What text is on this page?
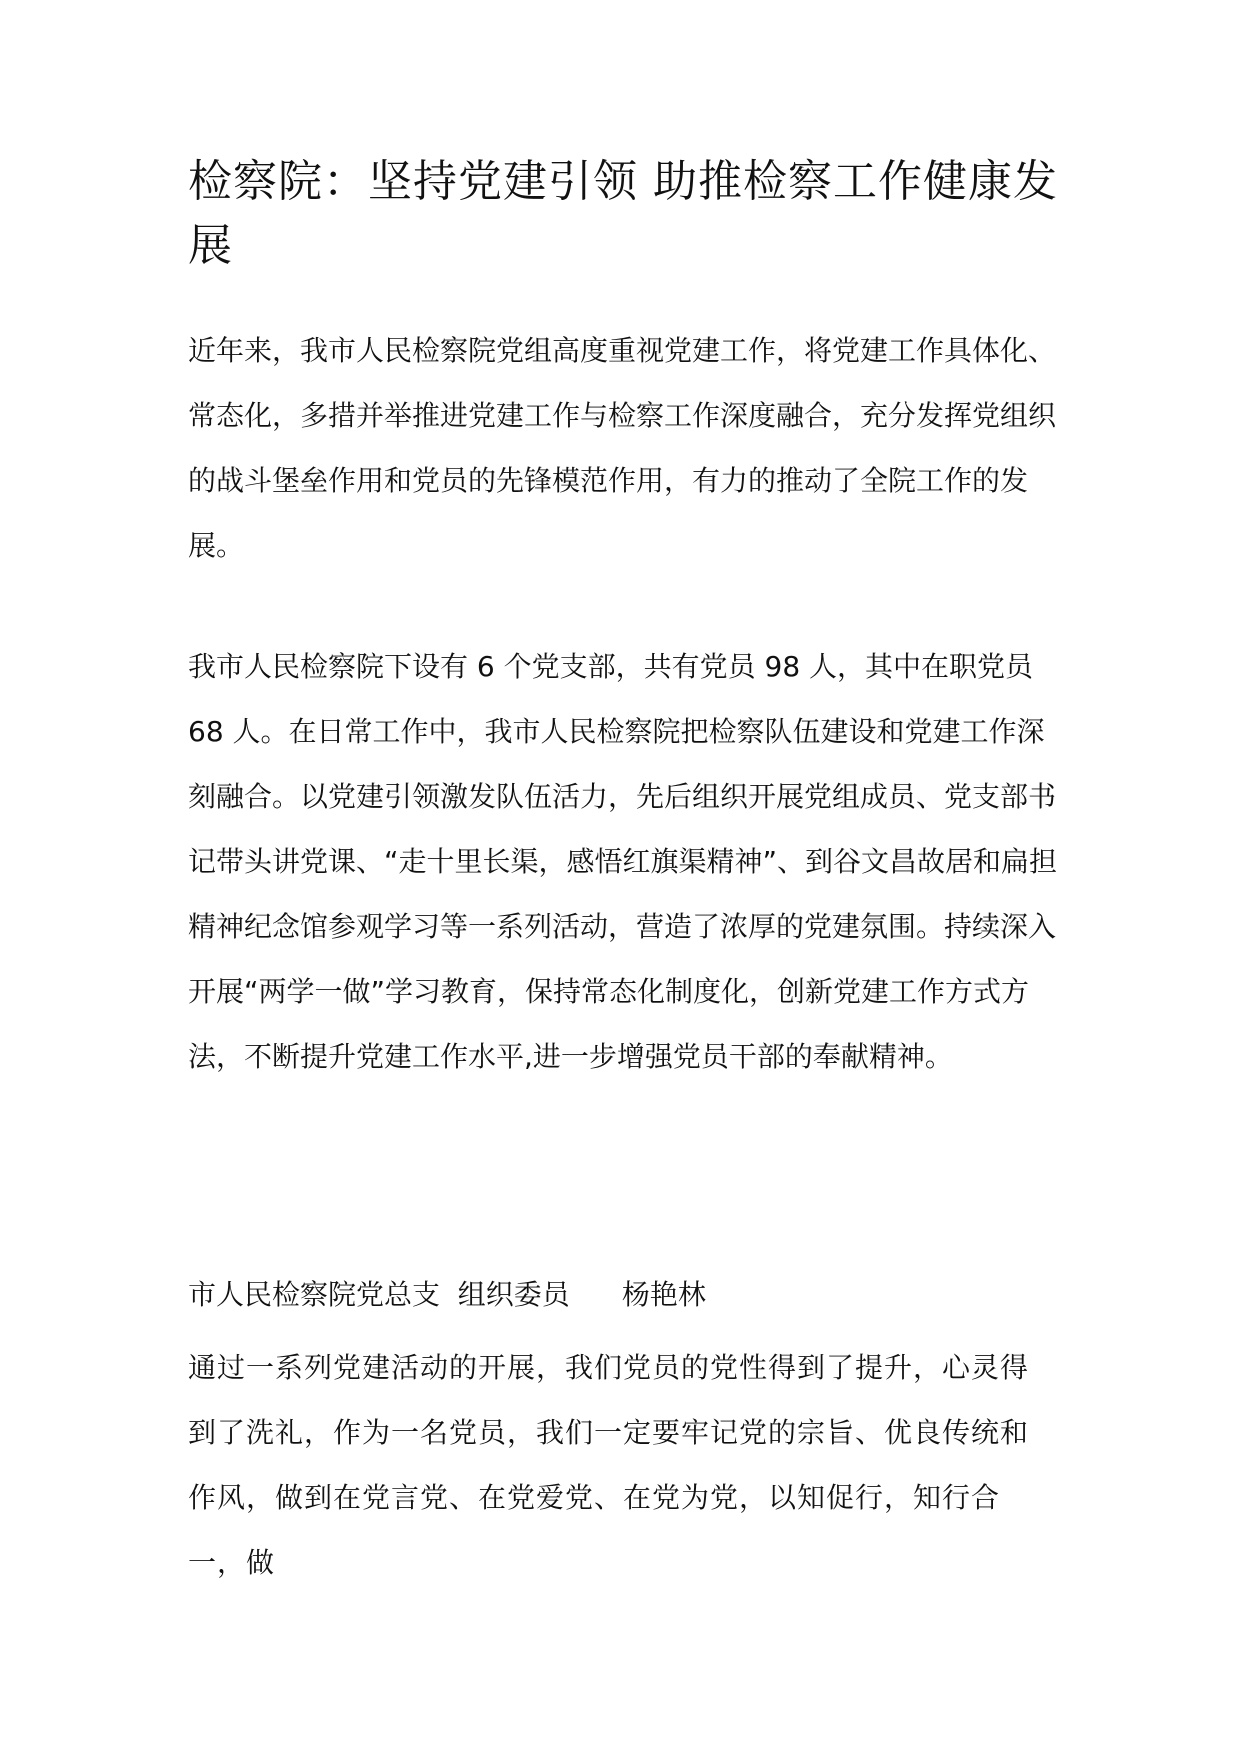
检察院：坚持党建引领 助推检察工作健康发展

近年来，我市人民检察院党组高度重视党建工作，将党建工作具体化、常态化，多措并举推进党建工作与检察工作深度融合，充分发挥党组织的战斗堡垒作用和党员的先锋模范作用，有力的推动了全院工作的发展。

我市人民检察院下设有 6 个党支部，共有党员 98 人，其中在职党员 68 人。在日常工作中，我市人民检察院把检察队伍建设和党建工作深刻融合。以党建引领激发队伍活力，先后组织开展党组成员、党支部书记带头讲党课、“走十里长渠，感悟红旗渠精神”、到谷文昌故居和扁担精神纪念馆参观学习等一系列活动，营造了浓厚的党建氛围。持续深入开展“两学一做”学习教育，保持常态化制度化，创新党建工作方式方法，不断提升党建工作水平,进一步增强党员干部的奉献精神。

市人民检察院党总支  组织委员 杨艳林

通过一系列党建活动的开展，我们党员的党性得到了提升，心灵得到了洗礼，作为一名党员，我们一定要牢记党的宗旨、优良传统和作风，做到在党言党、在党爱党、在党为党，以知促行，知行合一，做
